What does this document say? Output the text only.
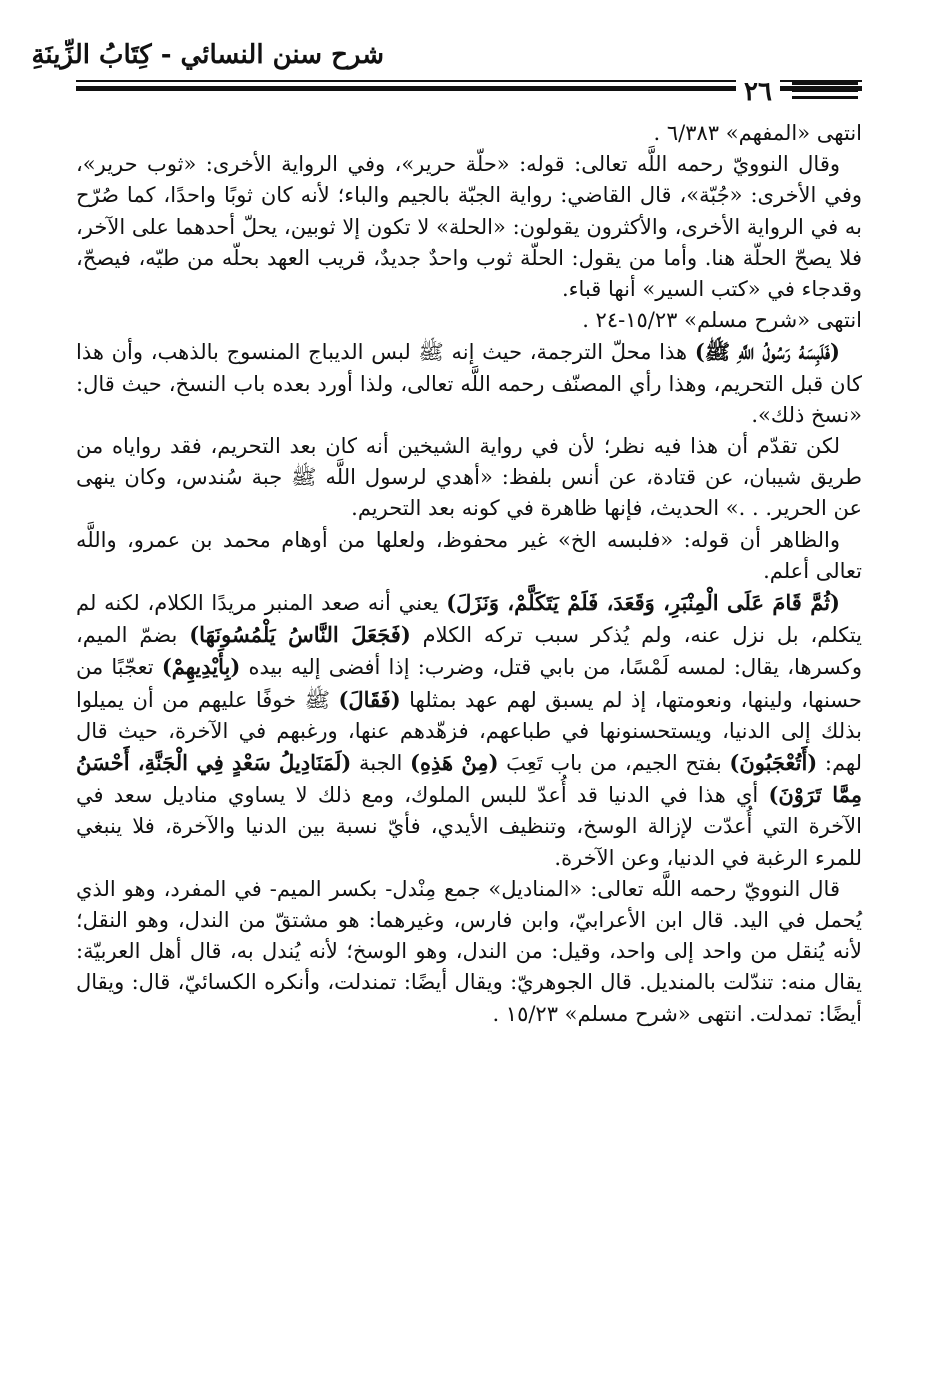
شرح سنن النسائي - كِتَابُ الزِّينَةِ
٢٦

انتهى «المفهم» ٦/٣٨٣ .

وقال النوويّ رحمه اللَّه تعالى: قوله: «حلّة حرير»، وفي الرواية الأخرى: «ثوب حرير»، وفي الأخرى: «جُبّة»، قال القاضي: رواية الجبّة بالجيم والباء؛ لأنه كان ثوبًا واحدًا، كما صُرّح به في الرواية الأخرى، والأكثرون يقولون: «الحلة» لا تكون إلا ثوبين، يحلّ أحدهما على الآخر، فلا يصحّ الحلّة هنا. وأما من يقول: الحلّة ثوب واحدٌ جديدٌ، قريب العهد بحلّه من طيّه، فيصحّ، وقدجاء في «كتب السير» أنها قباء.

انتهى «شرح مسلم» ١٥/٢٣-٢٤ .

(فَلَبِسَهُ رَسُولُ اللَّهِ ﷺ) هذا محلّ الترجمة، حيث إنه ﷺ لبس الديباج المنسوج بالذهب، وأن هذا كان قبل التحريم، وهذا رأي المصنّف رحمه اللَّه تعالى، ولذا أورد بعده باب النسخ، حيث قال: «نسخ ذلك».

لكن تقدّم أن هذا فيه نظر؛ لأن في رواية الشيخين أنه كان بعد التحريم، فقد رواياه من طريق شيبان، عن قتادة، عن أنس بلفظ: «أهدي لرسول اللَّه ﷺ جبة سُندس، وكان ينهى عن الحرير. . .» الحديث، فإنها ظاهرة في كونه بعد التحريم.

والظاهر أن قوله: «فلبسه الخ» غير محفوظ، ولعلها من أوهام محمد بن عمرو، واللَّه تعالى أعلم.

(ثُمَّ قَامَ عَلَى الْمِنْبَرِ، وَقَعَدَ، فَلَمْ يَتَكَلَّمْ، وَنَزَلَ) يعني أنه صعد المنبر مريدًا الكلام، لكنه لم يتكلم، بل نزل عنه، ولم يُذكر سبب تركه الكلام (فَجَعَلَ النَّاسُ يَلْمُسُونَهَا) بضمّ الميم، وكسرها، يقال: لمسه لَمْسًا، من بابي قتل، وضرب: إذا أفضى إليه بيده (بِأَيْدِيهِمْ) تعجّبًا من حسنها، ولينها، ونعومتها، إذ لم يسبق لهم عهد بمثلها (فَقَالَ) ﷺ خوفًا عليهم من أن يميلوا بذلك إلى الدنيا، ويستحسنونها في طباعهم، فزهّدهم عنها، ورغبهم في الآخرة، حيث قال لهم: (أَتُعْجَبُونَ) بفتح الجيم، من باب تَعِبَ (مِنْ هَذِهِ) الجبة (لَمَنَادِيلُ سَعْدٍ فِي الْجَنَّةِ، أَحْسَنُ مِمَّا تَرَوْنَ) أي هذا في الدنيا قد أُعدّ للبس الملوك، ومع ذلك لا يساوي مناديل سعد في الآخرة التي أُعدّت لإزالة الوسخ، وتنظيف الأيدي، فأيّ نسبة بين الدنيا والآخرة، فلا ينبغي للمرء الرغبة في الدنيا، وعن الآخرة.

قال النوويّ رحمه اللَّه تعالى: «المناديل» جمع مِنْدل- بكسر الميم- في المفرد، وهو الذي يُحمل في اليد. قال ابن الأعرابيّ، وابن فارس، وغيرهما: هو مشتقّ من الندل، وهو النقل؛ لأنه يُنقل من واحد إلى واحد، وقيل: من الندل، وهو الوسخ؛ لأنه يُندل به، قال أهل العربيّة: يقال منه: تندّلت بالمنديل. قال الجوهريّ: ويقال أيضًا: تمندلت، وأنكره الكسائيّ، قال: ويقال أيضًا: تمدلت. انتهى «شرح مسلم» ١٥/٢٣ .
